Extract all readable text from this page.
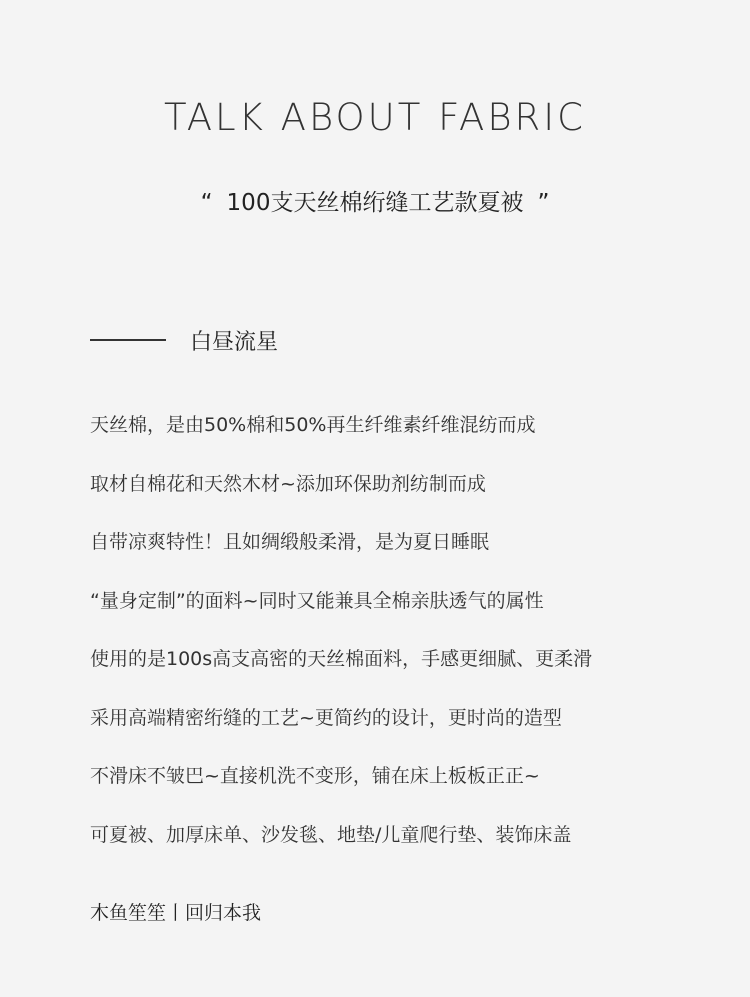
TALK ABOUT FABRIC
“ 100支天丝棉绗缝工艺款夏被 ”
白昼流星
天丝棉，是由50%棉和50%再生纤维素纤维混纺而成
取材自棉花和天然木材~添加环保助剂纺制而成
自带凉爽特性！且如绸缎般柔滑，是为夏日睡眠
“量身定制”的面料~同时又能兼具全棉亲肤透气的属性
使用的是100s高支高密的天丝棉面料，手感更细腻、更柔滑
采用高端精密绗缝的工艺~更简约的设计，更时尚的造型
不滑床不皱巴~直接机洗不变形，铺在床上板板正正~
可夏被、加厚床单、沙发毯、地垫/儿童爬行垫、装饰床盖
木鱼笙笙丨回归本我
